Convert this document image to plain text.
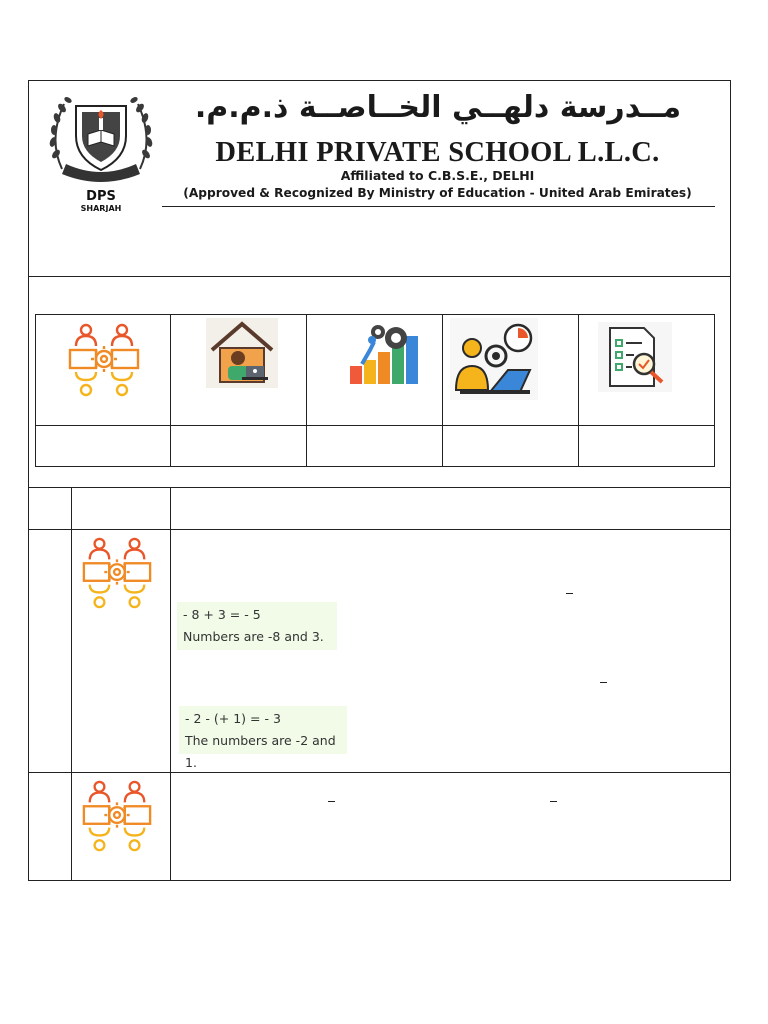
DPS
SHARJAH
مــدرسة دلهــي الخــاصــة ذ.م.م.
DELHI PRIVATE SCHOOL L.L.C.
Affiliated to C.B.S.E., DELHI
(Approved & Recognized By Ministry of Education - United Arab Emirates)
- 8 + 3 = - 5
Numbers are -8 and 3.
- 2 - (+ 1) = - 3
The numbers are -2 and 1.
